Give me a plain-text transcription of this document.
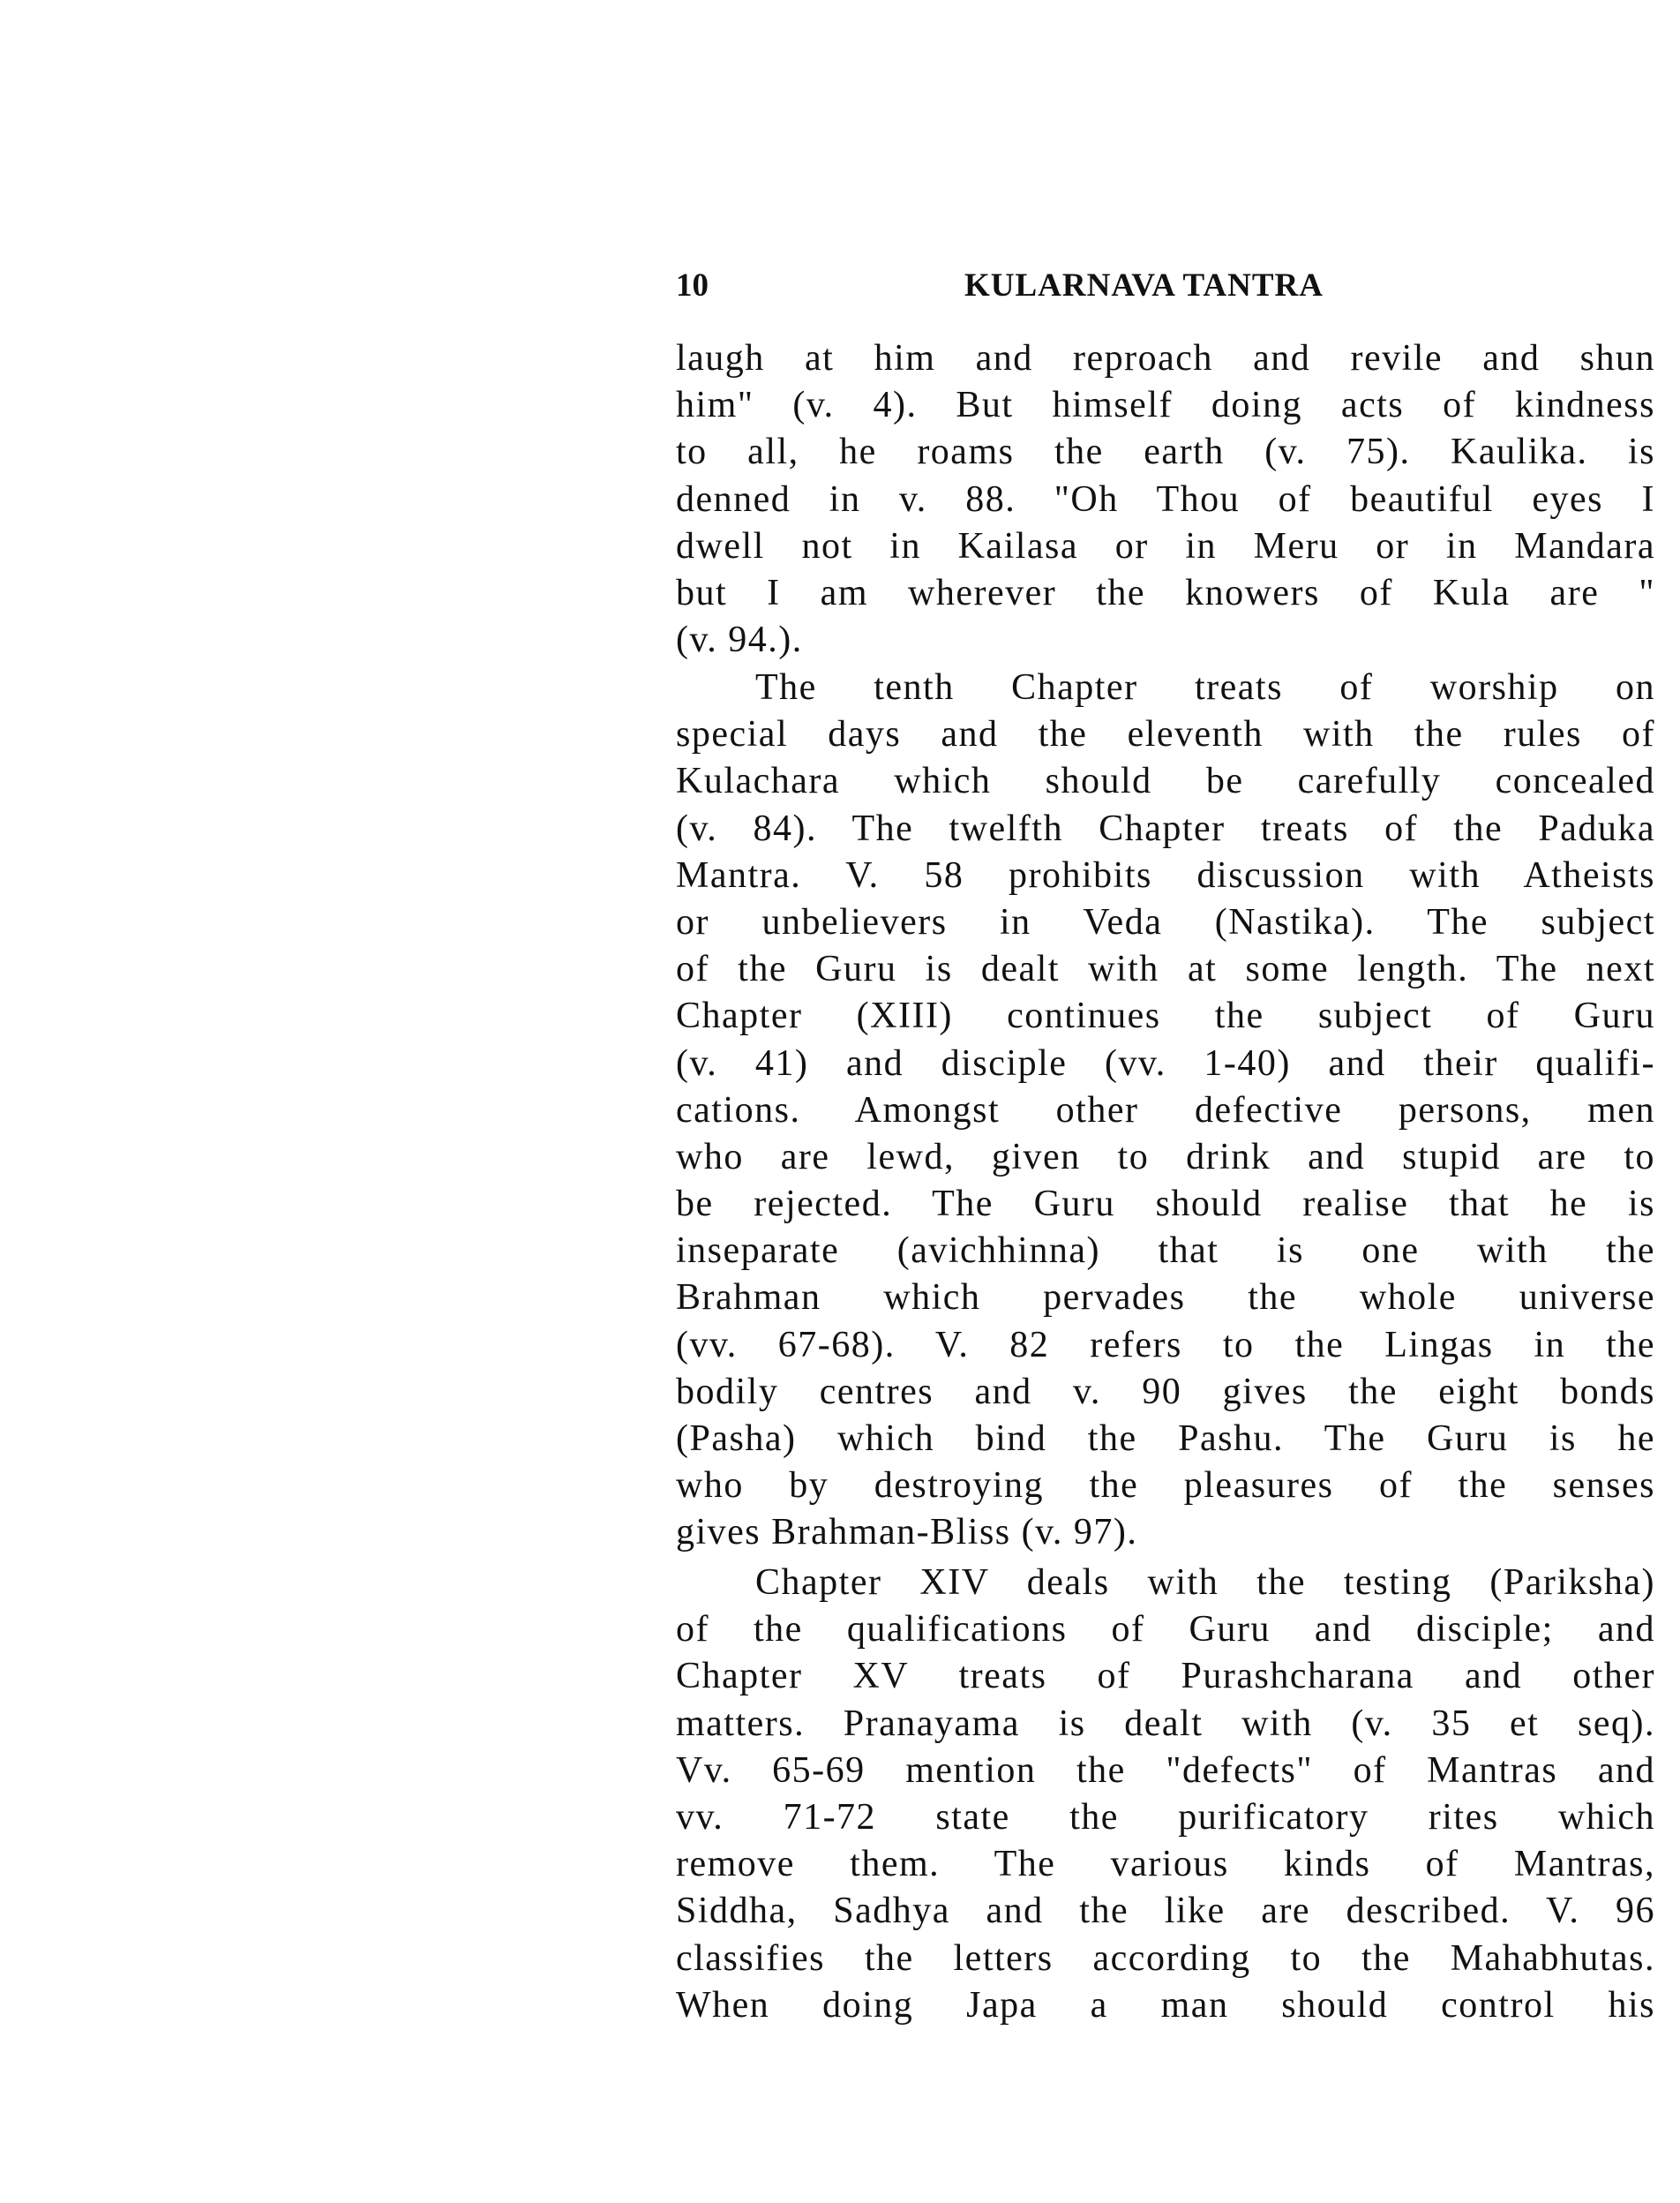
10	KULARNAVA TANTRA
laugh at him and reproach and revile and shun
him" (v. 4). But himself doing acts of kindness
to all, he roams the earth (v. 75). Kaulika. is
denned in v. 88. "Oh Thou of beautiful eyes I
dwell not in Kailasa or in Meru or in Mandara
but I am wherever the knowers of Kula are "
(v. 94.).
The tenth Chapter treats of worship on
special days and the eleventh with the rules of
Kulachara which should be carefully concealed
(v. 84). The twelfth Chapter treats of the Paduka
Mantra. V. 58 prohibits discussion with Atheists
or unbelievers in Veda (Nastika). The subject
of the Guru is dealt with at some length. The next
Chapter (XIII) continues the subject of Guru
(v. 41) and disciple (vv. 1-40) and their qualifi-
cations. Amongst other defective persons, men
who are lewd, given to drink and stupid are to
be rejected. The Guru should realise that he is
inseparate (avichhinna) that is one with the
Brahman which pervades the whole universe
(vv. 67-68). V. 82 refers to the Lingas in the
bodily centres and v. 90 gives the eight bonds
(Pasha) which bind the Pashu. The Guru is he
who by destroying the pleasures of the senses
gives Brahman-Bliss (v. 97).
Chapter XIV deals with the testing (Pariksha)
of the qualifications of Guru and disciple; and
Chapter XV treats of Purashcharana and other
matters. Pranayama is dealt with (v. 35 et seq).
Vv. 65-69 mention the "defects" of Mantras and
vv. 71-72 state the purificatory rites which
remove them. The various kinds of Mantras,
Siddha, Sadhya and the like are described. V. 96
classifies the letters according to the Mahabhutas.
When doing Japa a man should control his
